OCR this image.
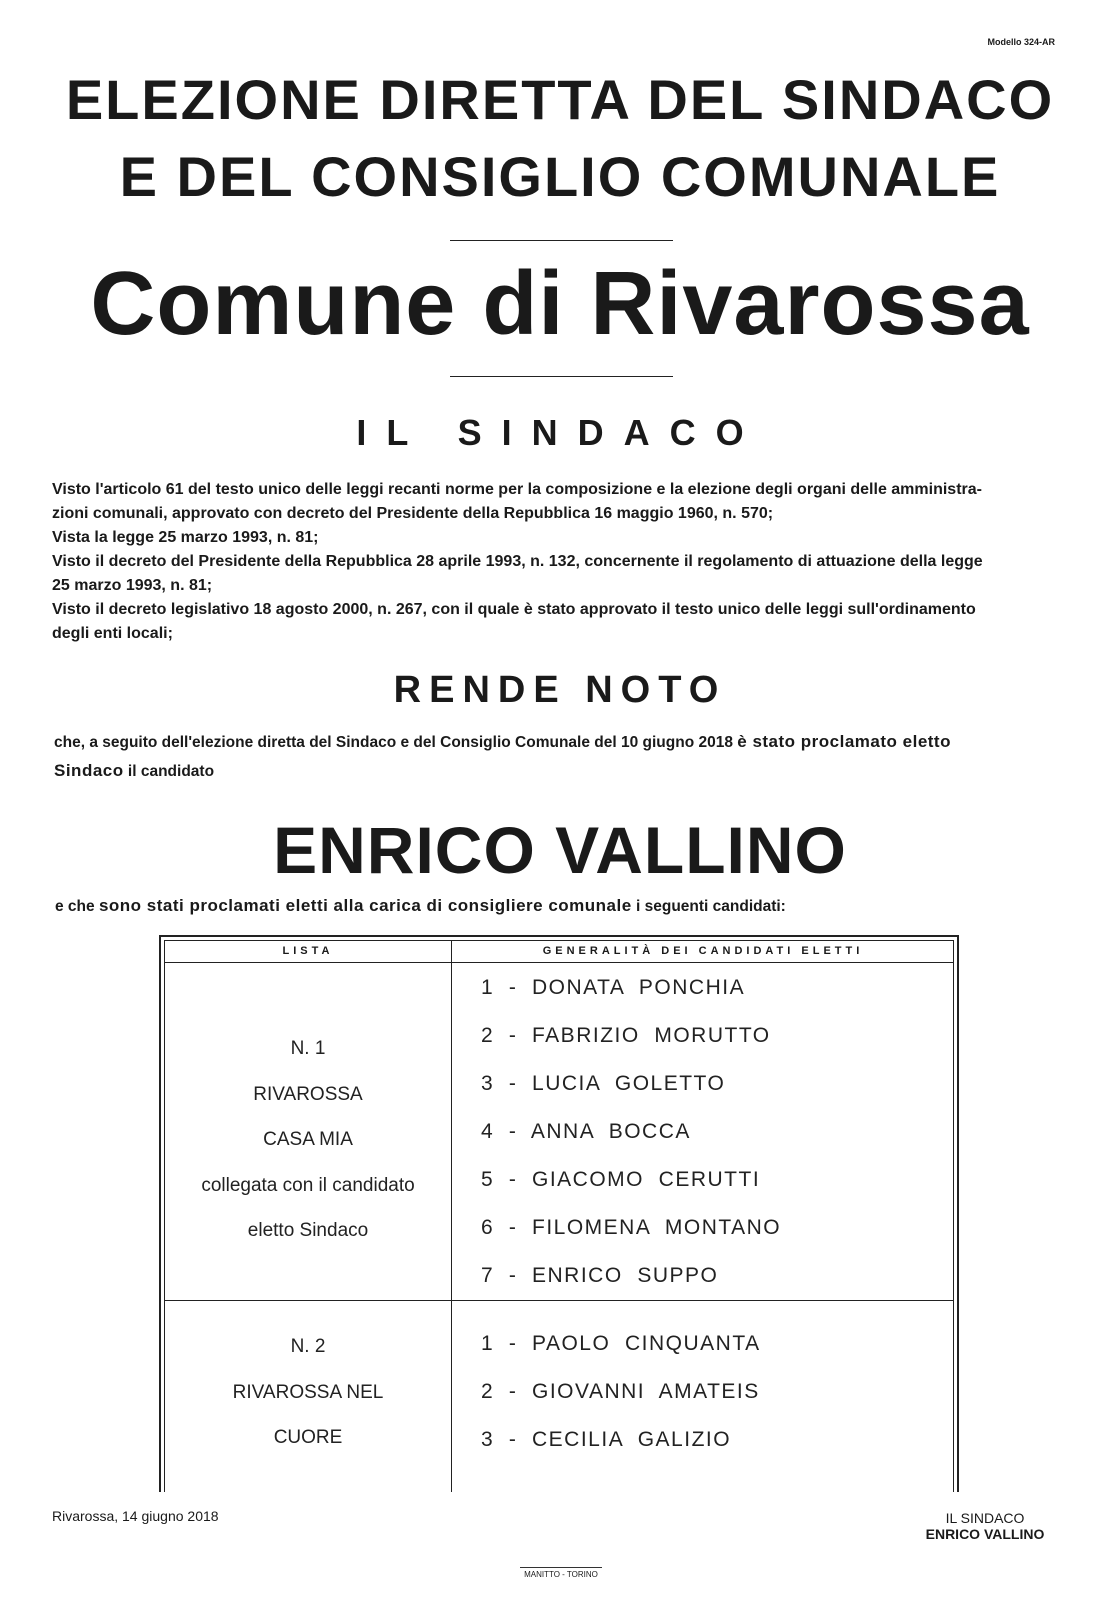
Modello 324-AR
ELEZIONE DIRETTA DEL SINDACO
E DEL CONSIGLIO COMUNALE
Comune di Rivarossa
IL SINDACO
Visto l'articolo 61 del testo unico delle leggi recanti norme per la composizione e la elezione degli organi delle amministra-
zioni comunali, approvato con decreto del Presidente della Repubblica 16 maggio 1960, n. 570;
Vista la legge 25 marzo 1993, n. 81;
Visto il decreto del Presidente della Repubblica 28 aprile 1993, n. 132, concernente il regolamento di attuazione della legge
25 marzo 1993, n. 81;
Visto il decreto legislativo 18 agosto 2000, n. 267, con il quale è stato approvato il testo unico delle leggi sull'ordinamento
degli enti locali;
RENDE NOTO
che, a seguito dell'elezione diretta del Sindaco e del Consiglio Comunale del 10 giugno 2018 è stato proclamato eletto
Sindaco il candidato
ENRICO VALLINO
e che sono stati proclamati eletti alla carica di consigliere comunale i seguenti candidati:
LISTA	GENERALITÀ DEI CANDIDATI ELETTI
N. 1
RIVAROSSA
CASA MIA
collegata con il candidato
eletto Sindaco
1  -  DONATA  PONCHIA
2  -  FABRIZIO  MORUTTO
3  -  LUCIA  GOLETTO
4  -  ANNA  BOCCA
5  -  GIACOMO  CERUTTI
6  -  FILOMENA  MONTANO
7  -  ENRICO  SUPPO
N. 2
RIVAROSSA NEL
CUORE
1  -  PAOLO  CINQUANTA
2  -  GIOVANNI  AMATEIS
3  -  CECILIA  GALIZIO
Rivarossa, 14 giugno 2018	IL SINDACO
ENRICO VALLINO
MANITTO - TORINO
